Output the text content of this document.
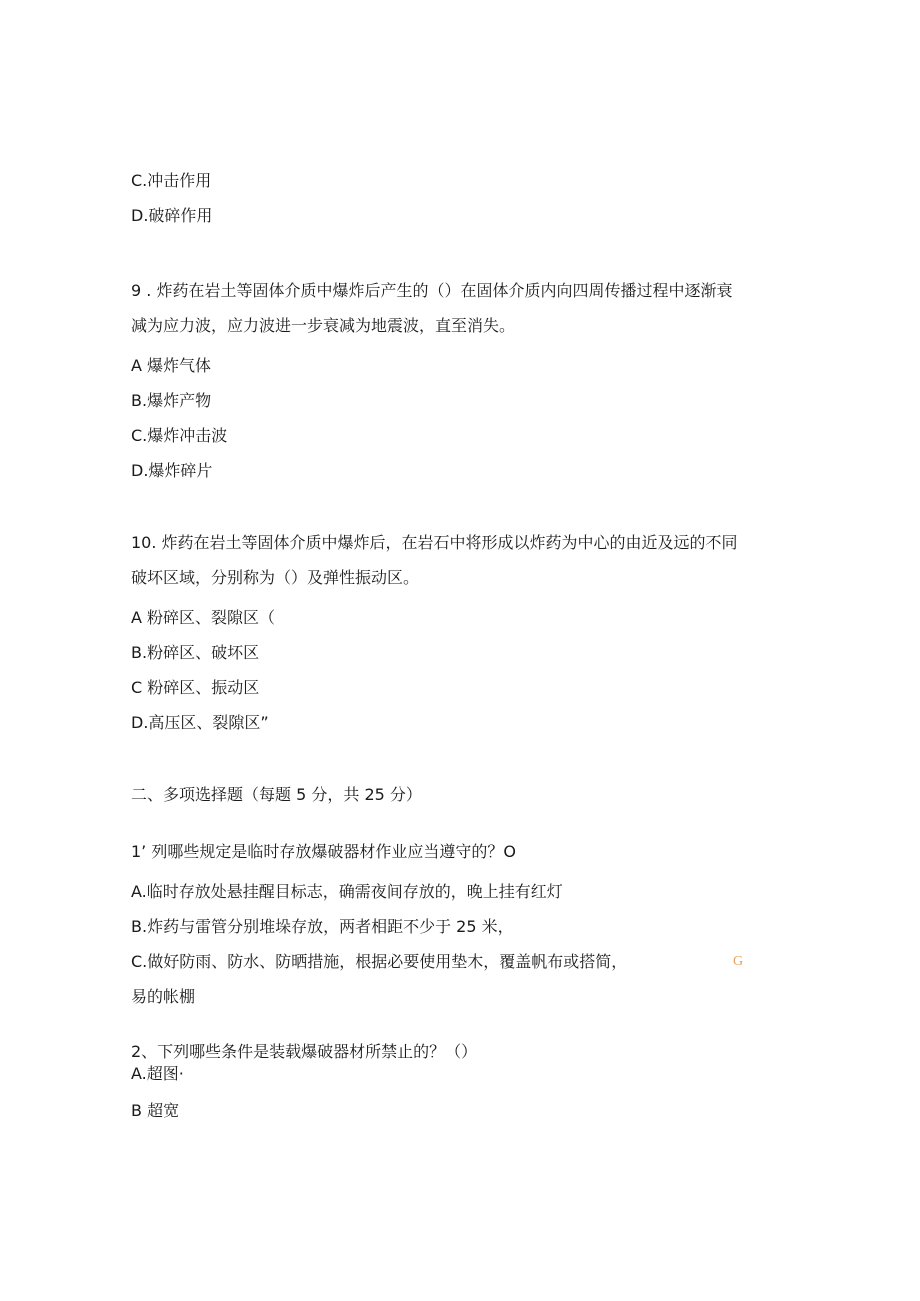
C.冲击作用
D.破碎作用
9 . 炸药在岩土等固体介质中爆炸后产生的（）在固体介质内向四周传播过程中逐渐衰
减为应力波，应力波进一步衰减为地震波，直至消失。
A 爆炸气体
B.爆炸产物
C.爆炸冲击波
D.爆炸碎片
10. 炸药在岩土等固体介质中爆炸后，在岩石中将形成以炸药为中心的由近及远的不同
破坏区域，分别称为（）及弹性振动区。
A 粉碎区、裂隙区（
B.粉碎区、破坏区
C 粉碎区、振动区
D.高压区、裂隙区”
二、多项选择题（每题 5 分，共 25 分）
1’ 列哪些规定是临时存放爆破器材作业应当遵守的？O
A.临时存放处悬挂醒目标志，确需夜间存放的，晚上挂有红灯
B.炸药与雷管分别堆垛存放，两者相距不少于 25 米，
C.做好防雨、防水、防晒措施，根据必要使用垫木，覆盖帆布或搭简，	G
易的帐棚
2、下列哪些条件是装载爆破器材所禁止的？（）
A.超图·
B 超宽
